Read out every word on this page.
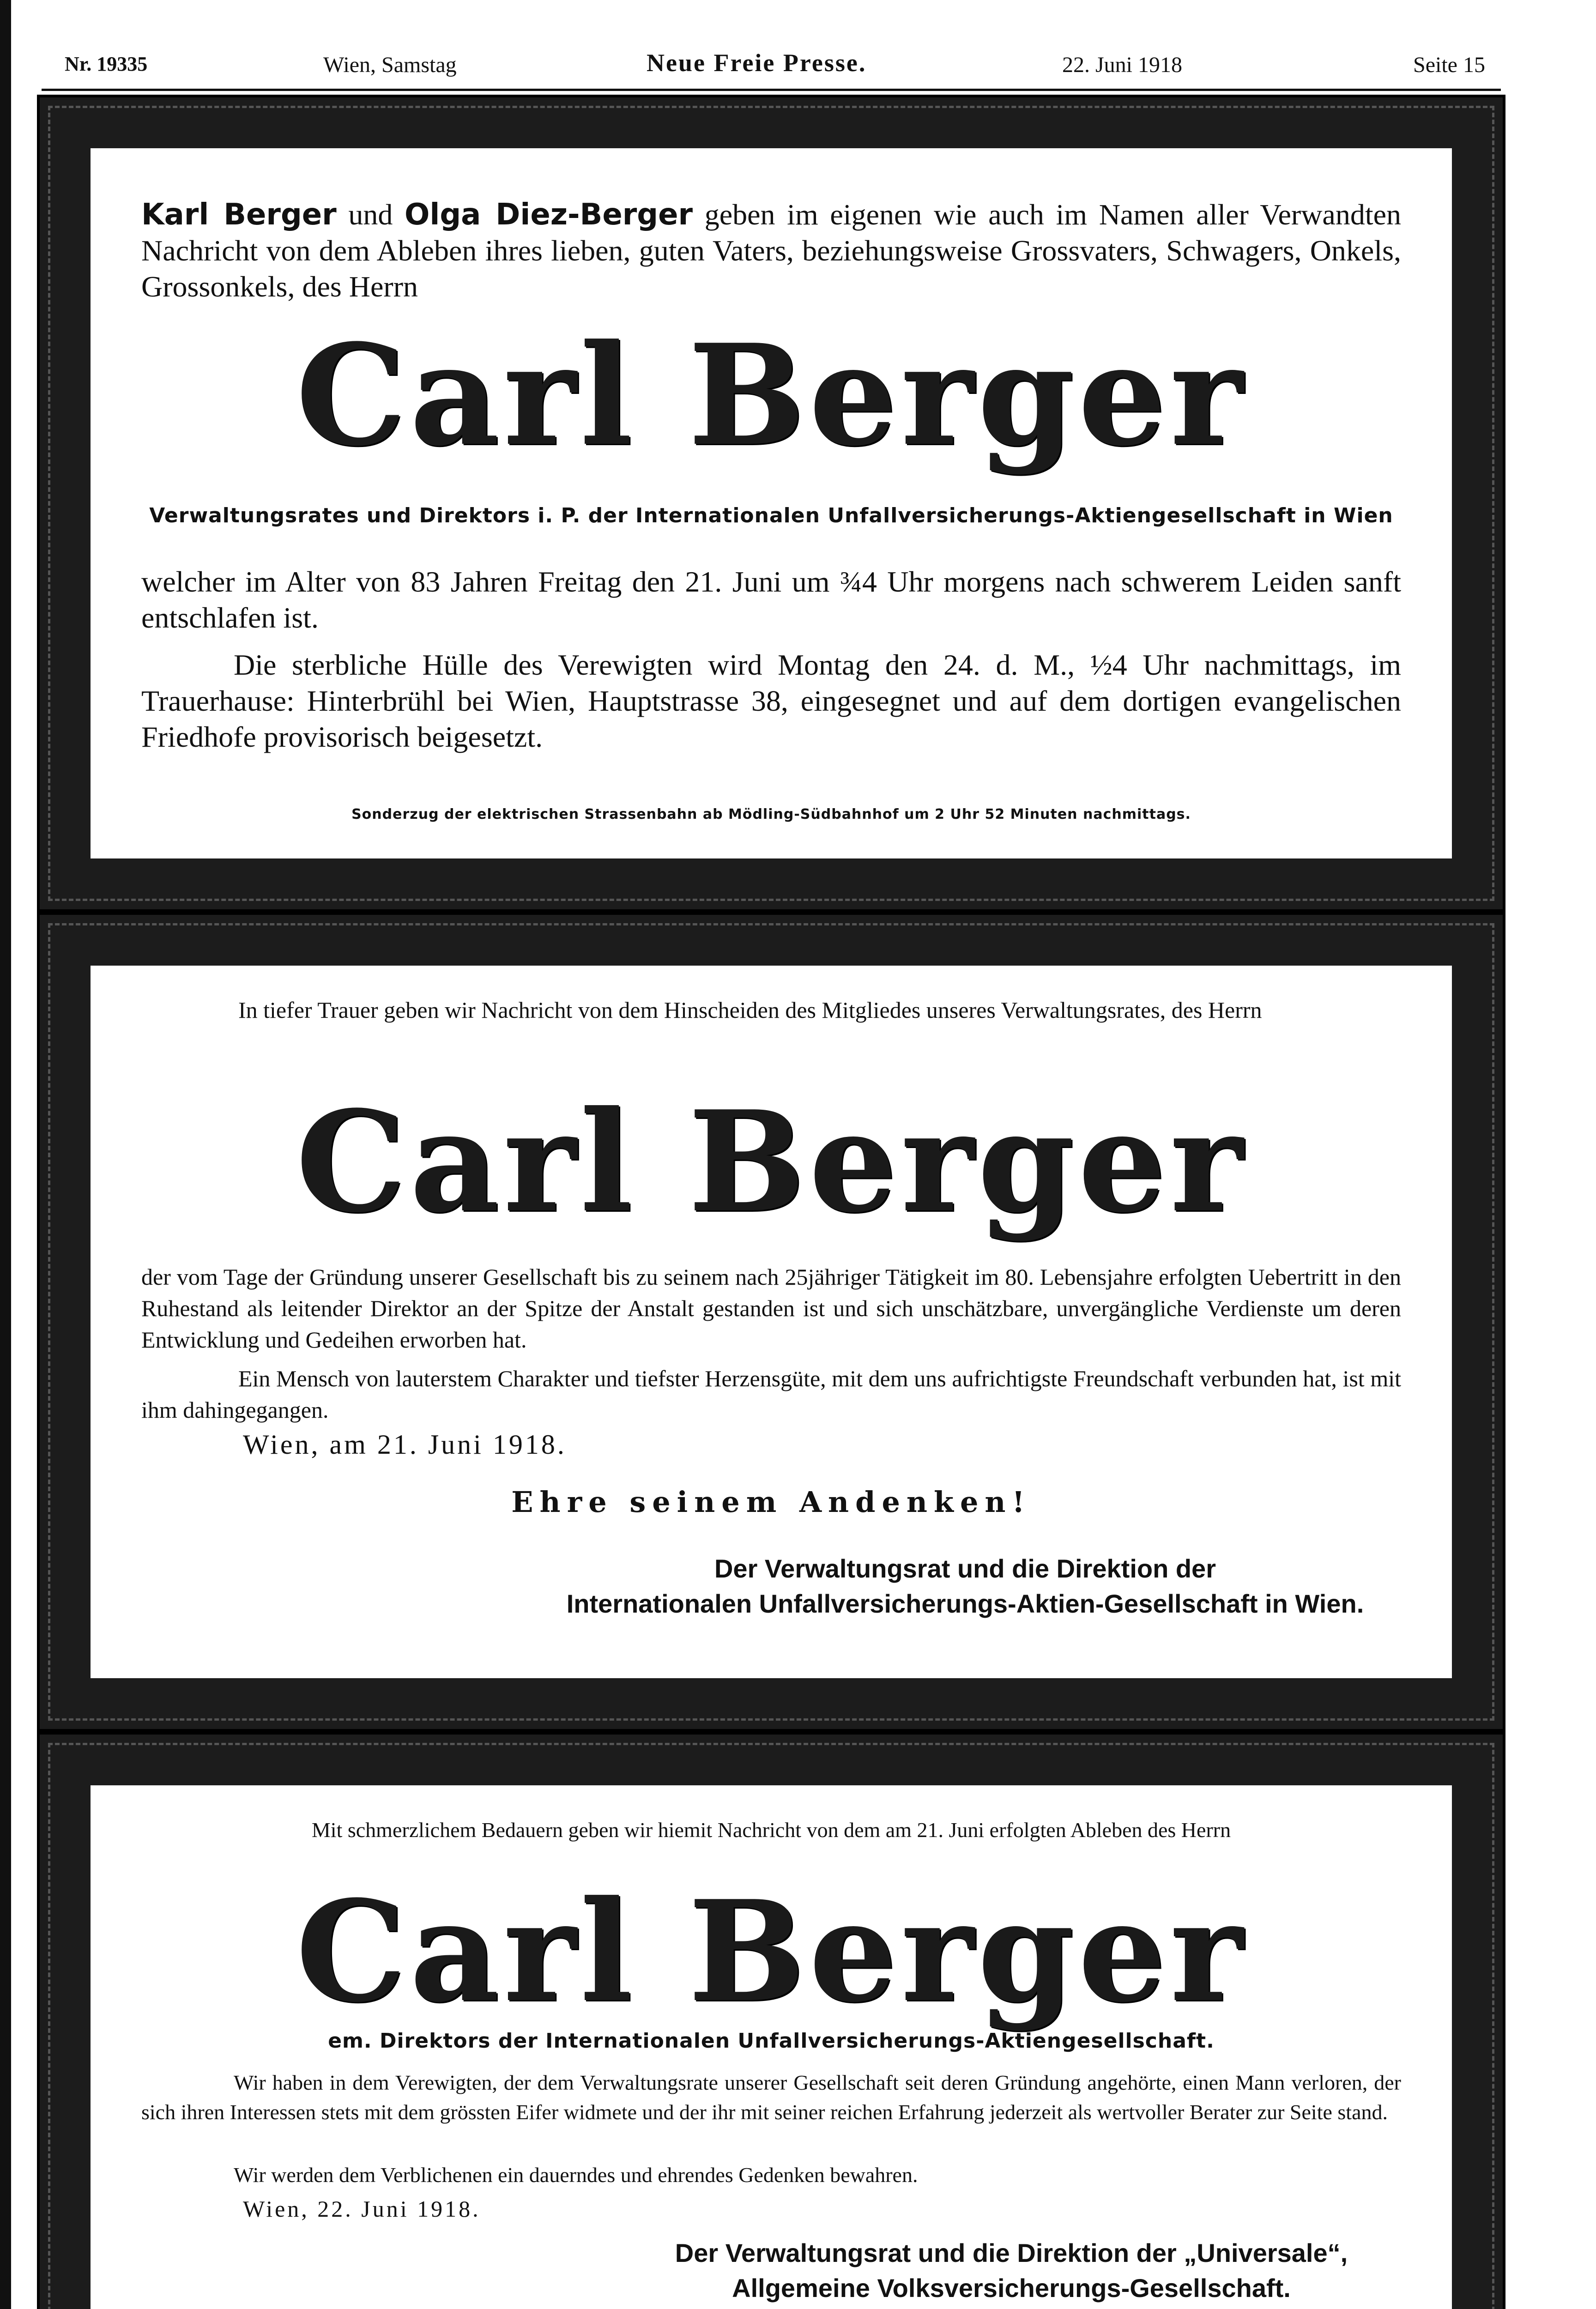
Nr. 19335	Wien, Samstag	Neue Freie Presse.	22. Juni 1918	Seite 15
Karl Berger und Olga Diez-Berger geben im eigenen wie auch im Namen aller Verwandten Nachricht von dem Ableben ihres lieben, guten Vaters, beziehungsweise Grossvaters, Schwagers, Onkels, Grossonkels, des Herrn
Carl Berger
Verwaltungsrates und Direktors i. P. der Internationalen Unfallversicherungs-Aktiengesellschaft in Wien
welcher im Alter von 83 Jahren Freitag den 21. Juni um ¾4 Uhr morgens nach schwerem Leiden sanft entschlafen ist.
Die sterbliche Hülle des Verewigten wird Montag den 24. d. M., ½4 Uhr nachmittags, im Trauerhause: Hinterbrühl bei Wien, Hauptstrasse 38, eingesegnet und auf dem dortigen evangelischen Friedhofe provisorisch beigesetzt.
Sonderzug der elektrischen Strassenbahn ab Mödling-Südbahnhof um 2 Uhr 52 Minuten nachmittags.
In tiefer Trauer geben wir Nachricht von dem Hinscheiden des Mitgliedes unseres Verwaltungsrates, des Herrn
Carl Berger
der vom Tage der Gründung unserer Gesellschaft bis zu seinem nach 25jähriger Tätigkeit im 80. Lebensjahre erfolgten Uebertritt in den Ruhestand als leitender Direktor an der Spitze der Anstalt gestanden ist und sich unschätzbare, unvergängliche Verdienste um deren Entwicklung und Gedeihen erworben hat.
Ein Mensch von lauterstem Charakter und tiefster Herzensgüte, mit dem uns aufrichtigste Freundschaft verbunden hat, ist mit ihm dahingegangen.
Wien, am 21. Juni 1918.
Ehre seinem Andenken!
Der Verwaltungsrat und die Direktion der
Internationalen Unfallversicherungs-Aktien-Gesellschaft in Wien.
Mit schmerzlichem Bedauern geben wir hiemit Nachricht von dem am 21. Juni erfolgten Ableben des Herrn
Carl Berger
em. Direktors der Internationalen Unfallversicherungs-Aktiengesellschaft.
Wir haben in dem Verewigten, der dem Verwaltungsrate unserer Gesellschaft seit deren Gründung angehörte, einen Mann verloren, der sich ihren Interessen stets mit dem grössten Eifer widmete und der ihr mit seiner reichen Erfahrung jederzeit als wertvoller Berater zur Seite stand.
Wir werden dem Verblichenen ein dauerndes und ehrendes Gedenken bewahren.
Wien, 22. Juni 1918.
Der Verwaltungsrat und die Direktion der „Universale“,
Allgemeine Volksversicherungs-Gesellschaft.
